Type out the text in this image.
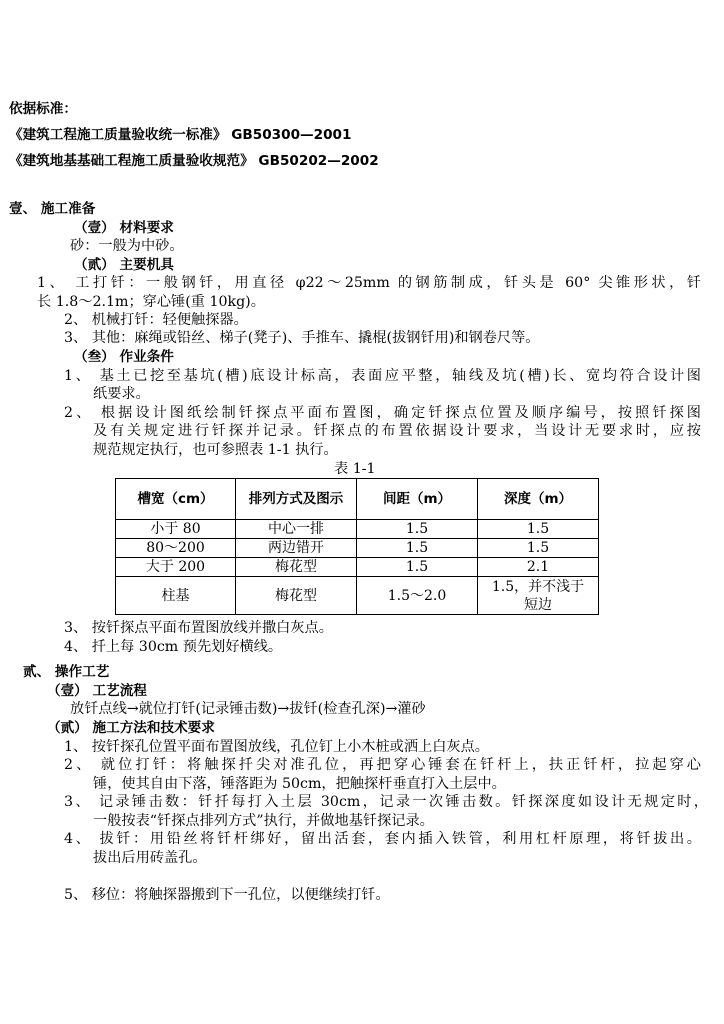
依据标准：
《建筑工程施工质量验收统一标准》 GB50300—2001
《建筑地基基础工程施工质量验收规范》 GB50202—2002
壹、 施工准备
（壹） 材料要求
砂：一般为中砂。
（贰） 主要机具
1、 工打钎：一般钢钎，用直径 φ22～25mm 的钢筋制成，钎头是 60° 尖锥形状，钎
长 1.8～2.1m；穿心锤(重 10kg)。
2、 机械打钎：轻便触探器。
3、 其他：麻绳或铅丝、梯子(凳子)、手推车、撬棍(拔钢钎用)和钢卷尺等。
（叁） 作业条件
1、 基土已挖至基坑(槽)底设计标高，表面应平整，轴线及坑(槽)长、宽均符合设计图
纸要求。
2、 根据设计图纸绘制钎探点平面布置图，确定钎探点位置及顺序编号，按照钎探图
及有关规定进行钎探并记录。钎探点的布置依据设计要求，当设计无要求时，应按
规范规定执行，也可参照表 1-1 执行。
表 1-1
槽宽（cm）	排列方式及图示	间距（m）	深度（m）
小于 80	中心一排	1.5	1.5
80～200	两边错开	1.5	1.5
大于 200	梅花型	1.5	2.1
柱基	梅花型	1.5～2.0	1.5，并不浅于短边
3、 按钎探点平面布置图放线并撒白灰点。
4、 扦上每 30cm 预先划好横线。
贰、 操作工艺
（壹） 工艺流程
放钎点线→就位打钎(记录锤击数)→拔钎(检查孔深)→灌砂
（贰） 施工方法和技术要求
1、 按钎探孔位置平面布置图放线，孔位钉上小木桩或洒上白灰点。
2、 就位打钎：将触探扦尖对准孔位，再把穿心锤套在钎杆上，扶正钎杆，拉起穿心
锤，使其自由下落，锤落距为 50cm，把触探杆垂直打入土层中。
3、 记录锤击数：钎扦每打入土层 30cm，记录一次锤击数。钎探深度如设计无规定时，
一般按表“钎探点排列方式”执行，并做地基钎探记录。
4、 拔钎：用铅丝将钎杆绑好，留出活套，套内插入铁管，利用杠杆原理，将钎拔出。
拔出后用砖盖孔。
5、 移位：将触探器搬到下一孔位，以便继续打钎。
